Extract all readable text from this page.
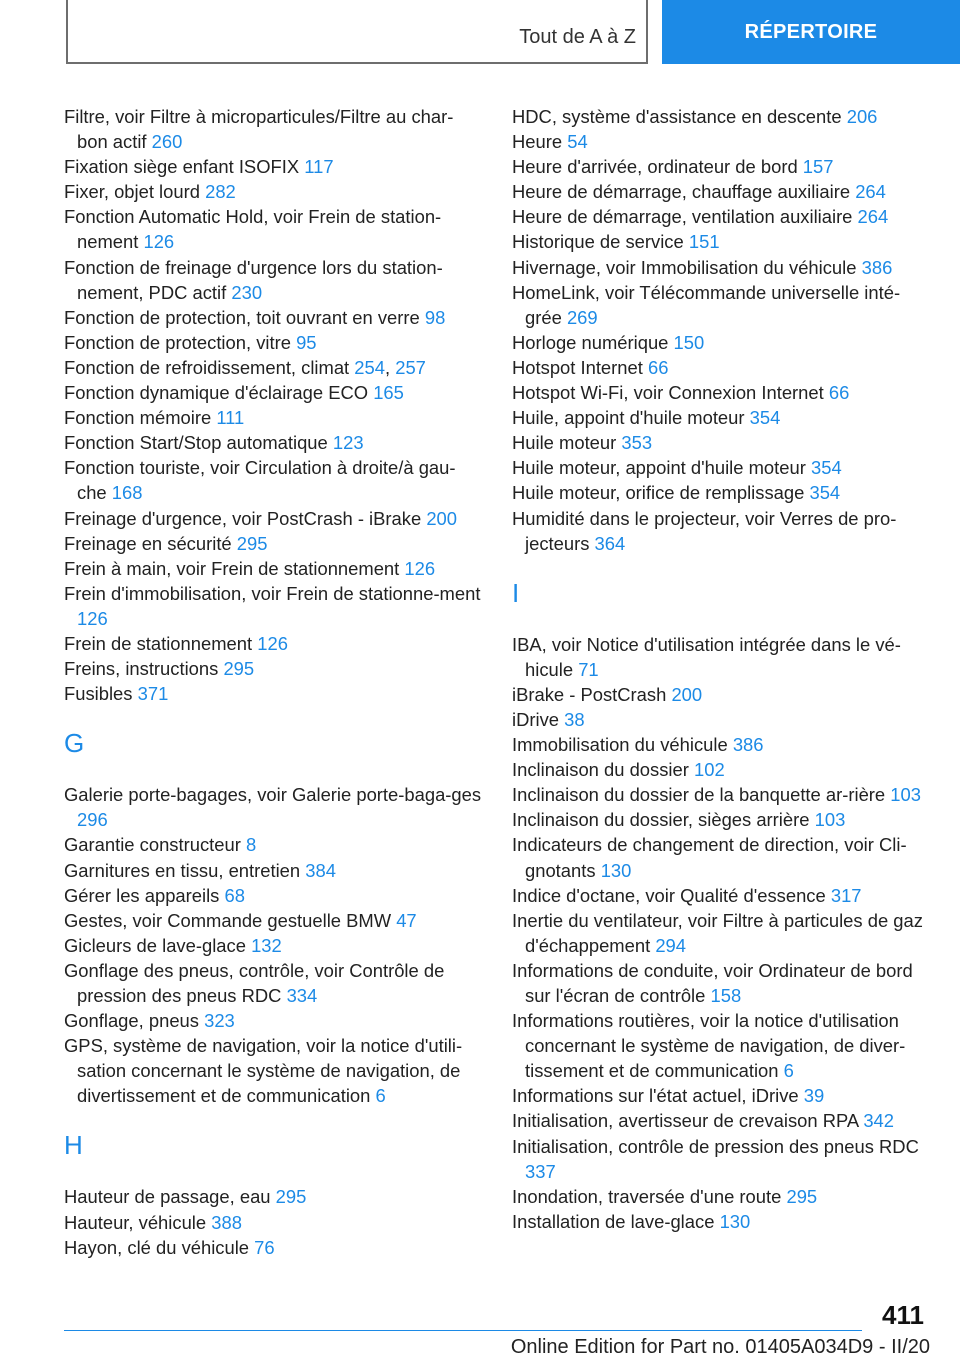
Tout de A à Z	RÉPERTOIRE

Filtre, voir Filtre à microparticules/Filtre au char-bon actif 260

Fixation siège enfant ISOFIX 117

Fixer, objet lourd 282

Fonction Automatic Hold, voir Frein de station-nement 126

Fonction de freinage d'urgence lors du station-nement, PDC actif 230

Fonction de protection, toit ouvrant en verre 98

Fonction de protection, vitre 95

Fonction de refroidissement, climat 254, 257

Fonction dynamique d'éclairage ECO 165

Fonction mémoire 111

Fonction Start/Stop automatique 123

Fonction touriste, voir Circulation à droite/à gau-che 168

Freinage d'urgence, voir PostCrash - iBrake 200

Freinage en sécurité 295

Frein à main, voir Frein de stationnement 126

Frein d'immobilisation, voir Frein de stationne-ment 126

Frein de stationnement 126

Freins, instructions 295

Fusibles 371

G

Galerie porte-bagages, voir Galerie porte-baga-ges 296

Garantie constructeur 8

Garnitures en tissu, entretien 384

Gérer les appareils 68

Gestes, voir Commande gestuelle BMW 47

Gicleurs de lave-glace 132

Gonflage des pneus, contrôle, voir Contrôle de pression des pneus RDC 334

Gonflage, pneus 323

GPS, système de navigation, voir la notice d'utili-sation concernant le système de navigation, de divertissement et de communication 6

H

Hauteur de passage, eau 295

Hauteur, véhicule 388

Hayon, clé du véhicule 76

HDC, système d'assistance en descente 206

Heure 54

Heure d'arrivée, ordinateur de bord 157

Heure de démarrage, chauffage auxiliaire 264

Heure de démarrage, ventilation auxiliaire 264

Historique de service 151

Hivernage, voir Immobilisation du véhicule 386

HomeLink, voir Télécommande universelle inté-grée 269

Horloge numérique 150

Hotspot Internet 66

Hotspot Wi-Fi, voir Connexion Internet 66

Huile, appoint d'huile moteur 354

Huile moteur 353

Huile moteur, appoint d'huile moteur 354

Huile moteur, orifice de remplissage 354

Humidité dans le projecteur, voir Verres de pro-jecteurs 364

I

IBA, voir Notice d'utilisation intégrée dans le vé-hicule 71

iBrake - PostCrash 200

iDrive 38

Immobilisation du véhicule 386

Inclinaison du dossier 102

Inclinaison du dossier de la banquette ar-rière 103

Inclinaison du dossier, sièges arrière 103

Indicateurs de changement de direction, voir Cli-gnotants 130

Indice d'octane, voir Qualité d'essence 317

Inertie du ventilateur, voir Filtre à particules de gaz d'échappement 294

Informations de conduite, voir Ordinateur de bord sur l'écran de contrôle 158

Informations routières, voir la notice d'utilisation concernant le système de navigation, de diver-tissement et de communication 6

Informations sur l'état actuel, iDrive 39

Initialisation, avertisseur de crevaison RPA 342

Initialisation, contrôle de pression des pneus RDC 337

Inondation, traversée d'une route 295

Installation de lave-glace 130

411
Online Edition for Part no. 01405A034D9 - II/20
